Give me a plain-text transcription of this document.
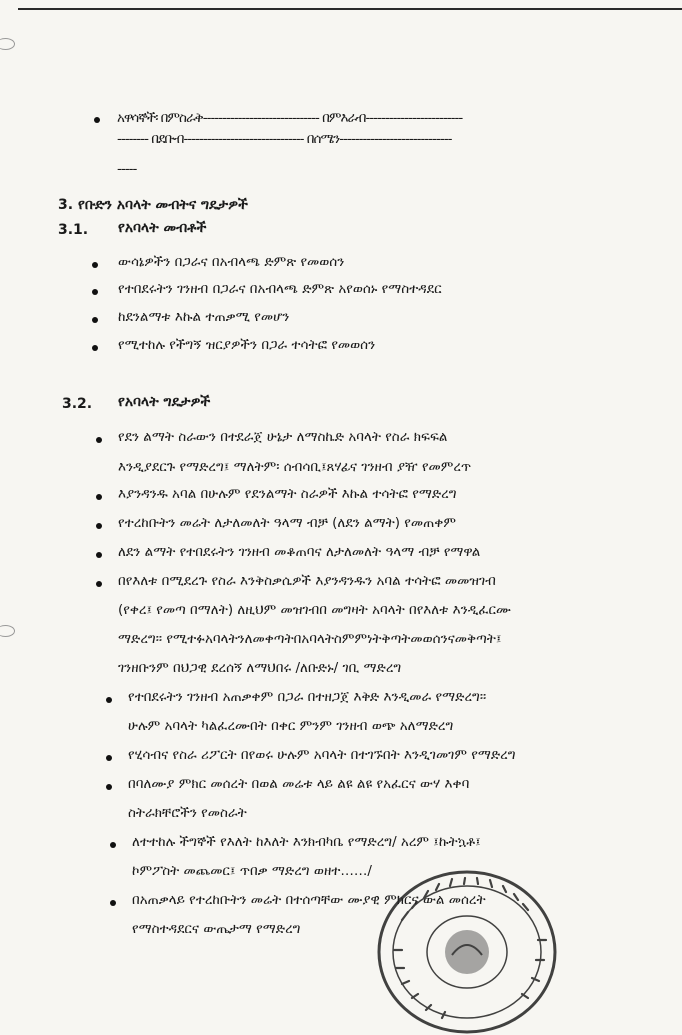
አዋሳኞች፡ በምስራቅ------------------------------ በምእራብ-------------------------
-------- በደቡብ------------------------------- በሰሜን-----------------------------
-----
3. የቡድን አባላት መብትና ግዴታዎች
3.1. የአባላት መብቶች
ውሳኔዎችን በጋራና በአብላጫ ድምጽ የመወሰን
የተበደሩትን ገንዘብ በጋራና በአብላጫ ድምጽ አየወሰኑ የማስተዳደር
ከደንልማቱ እኩል ተጠቃሚ የመሆን
የሚተከሉ የችግኝ ዝርያዎችን በጋራ ተሳትፎ የመወሰን
3.2. የአባላት ግዴታዎች
የደን ልማት ስራውን በተደራጀ ሁኔታ ለማስኬድ አባላት የስራ ክፍፍል
እንዲያደርጉ የማድረግ፤ ማለትም፡ ሰብሳቢ፤ጸሃፊና ገንዘብ ያዥ የመምረጥ
እያንዳንዱ አባል በሁሉም የደንልማት ስራዎች እኩል ተሳትፎ የማድረግ
የተረከቡትን መሬት ለታለመለት ዓላማ ብቻ (ለደን ልማት) የመጠቀም
ለደን ልማት የተበደሩትን ገንዘብ መቆጠባና ለታለመለት ዓላማ ብቻ የማዋል
በየእለቱ በሚደረጉ የስራ እንቅስቃሴዎች እያንዳንዱን አባል ተሳትፎ መመዝገብ
(የቀረ፤ የመጣ በማለት) ለዚህም መዝገብበ መግዛት አባላት በየእለቱ እንዲፈርሙ
ማድረግ፡፡ የሚተፉአባላትንለመቀጣትበአባላትስምምነትቅጣትመወሰንናመቅጣት፤
ገንዘቡንም በህጋዊ ደረሰኝ ለማህበሩ /ለቡድኑ/ ገቢ ማድረግ
የተበደሩትን ገንዘብ አጠቃቀም በጋራ በተዘጋጀ እቅድ እንዲመራ የማድረግ፡፡
ሁሉም አባላት ካልፈረሙበት በቀር ምንም ገንዘብ ወጭ አለማድረግ
የሂሳብና የስራ ሪፖርት በየወሩ ሁሉም አባላት በተገኙበት እንዲገመገም የማድረግ
በባለሙያ ምክር መሰረት በወል መሬቱ ላይ ልዩ ልዩ የአፈርና ውሃ እቀባ
ስትራክቸሮችን የመስራት
ለተተከሉ ችግኞች የእለት ከእለት እንክብካቤ የማድረግ/ አረም ፤ኩትኳቶ፤
ኮምፖስት መጨመር፤ ጥበቃ ማድረግ ወዘተ……/
በአጠቃላይ የተረከቡትን መሬት በተሰጣቸው ሙያዊ ምክርና ውል መሰረት
የማስተዳደርና ውጤታማ የማድረግ
